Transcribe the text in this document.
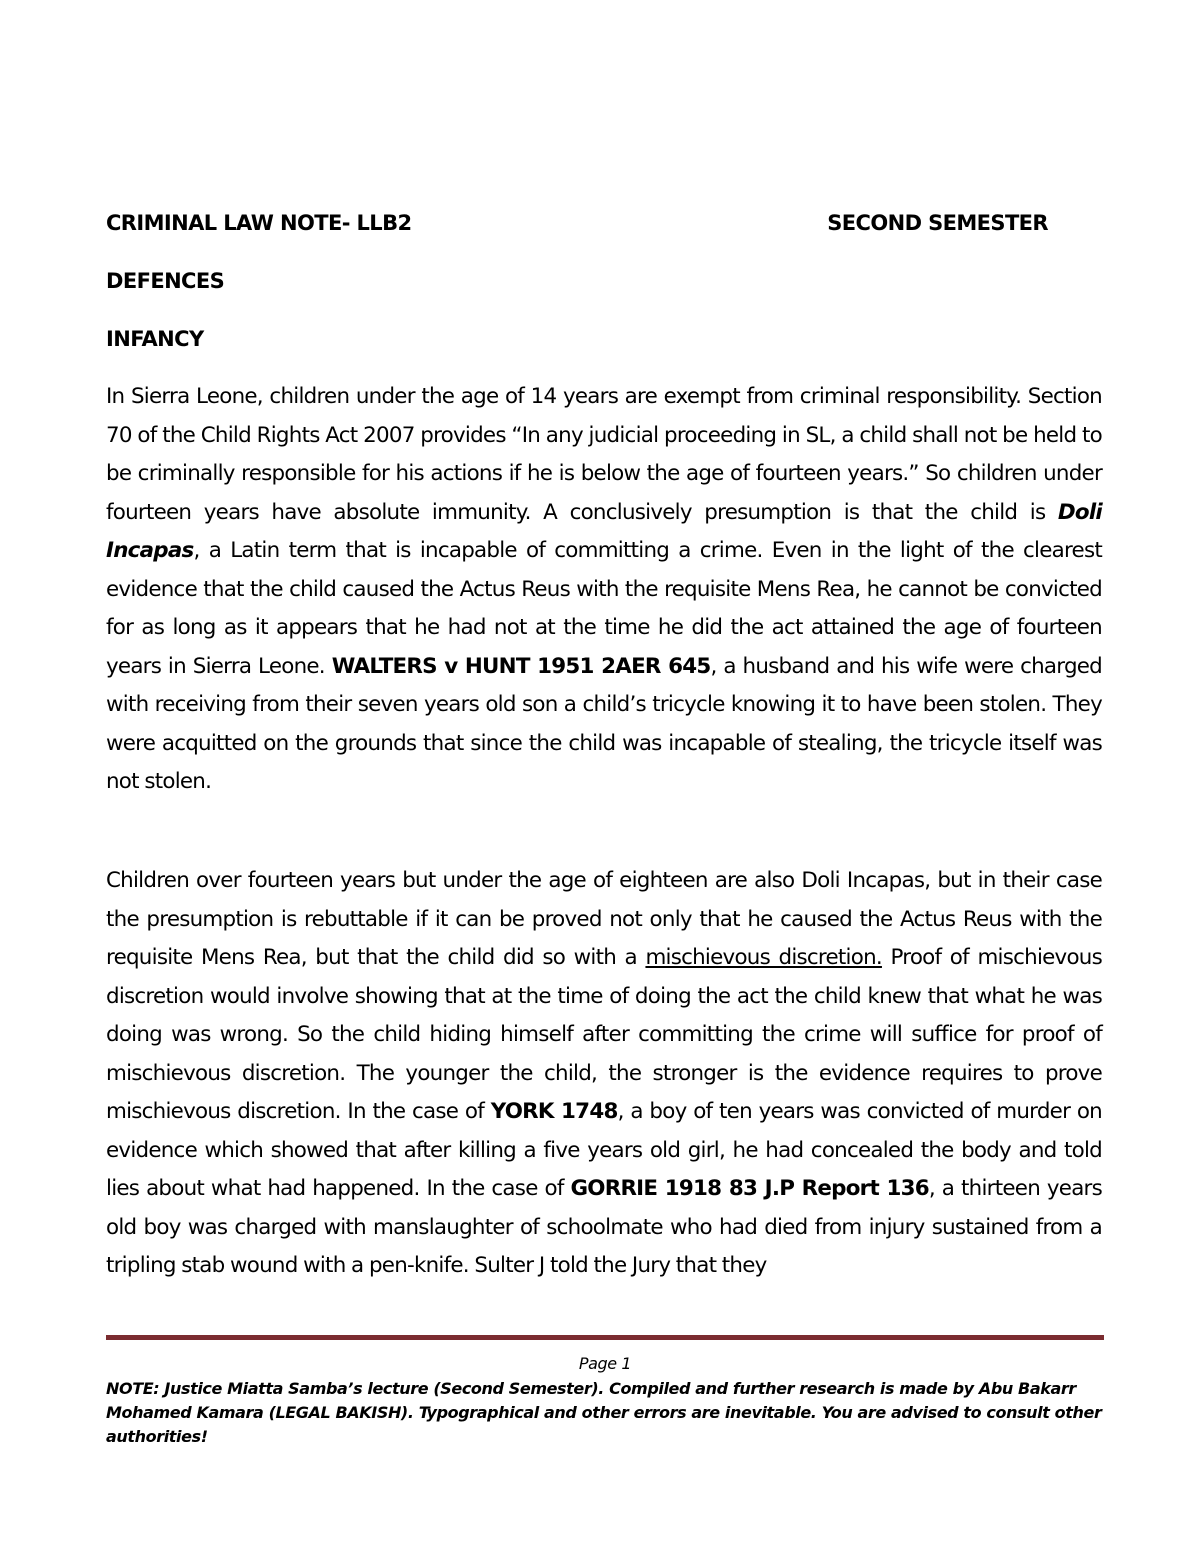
CRIMINAL LAW NOTE- LLB2	SECOND SEMESTER
DEFENCES
INFANCY

In Sierra Leone, children under the age of 14 years are exempt from criminal responsibility. Section 70 of the Child Rights Act 2007 provides “In any judicial proceeding in SL, a child shall not be held to be criminally responsible for his actions if he is below the age of fourteen years.” So children under fourteen years have absolute immunity. A conclusively presumption is that the child is Doli Incapas, a Latin term that is incapable of committing a crime. Even in the light of the clearest evidence that the child caused the Actus Reus with the requisite Mens Rea, he cannot be convicted for as long as it appears that he had not at the time he did the act attained the age of fourteen years in Sierra Leone. WALTERS v HUNT 1951 2AER 645, a husband and his wife were charged with receiving from their seven years old son a child’s tricycle knowing it to have been stolen. They were acquitted on the grounds that since the child was incapable of stealing, the tricycle itself was not stolen.

Children over fourteen years but under the age of eighteen are also Doli Incapas, but in their case the presumption is rebuttable if it can be proved not only that he caused the Actus Reus with the requisite Mens Rea, but that the child did so with a mischievous discretion. Proof of mischievous discretion would involve showing that at the time of doing the act the child knew that what he was doing was wrong. So the child hiding himself after committing the crime will suffice for proof of mischievous discretion. The younger the child, the stronger is the evidence requires to prove mischievous discretion. In the case of YORK 1748, a boy of ten years was convicted of murder on evidence which showed that after killing a five years old girl, he had concealed the body and told lies about what had happened. In the case of GORRIE 1918 83 J.P Report 136, a thirteen years old boy was charged with manslaughter of schoolmate who had died from injury sustained from a tripling stab wound with a pen-knife. Sulter J told the Jury that they

Page 1
NOTE: Justice Miatta Samba’s lecture (Second Semester). Compiled and further research is made by Abu Bakarr Mohamed Kamara (LEGAL BAKISH). Typographical and other errors are inevitable. You are advised to consult other authorities!
